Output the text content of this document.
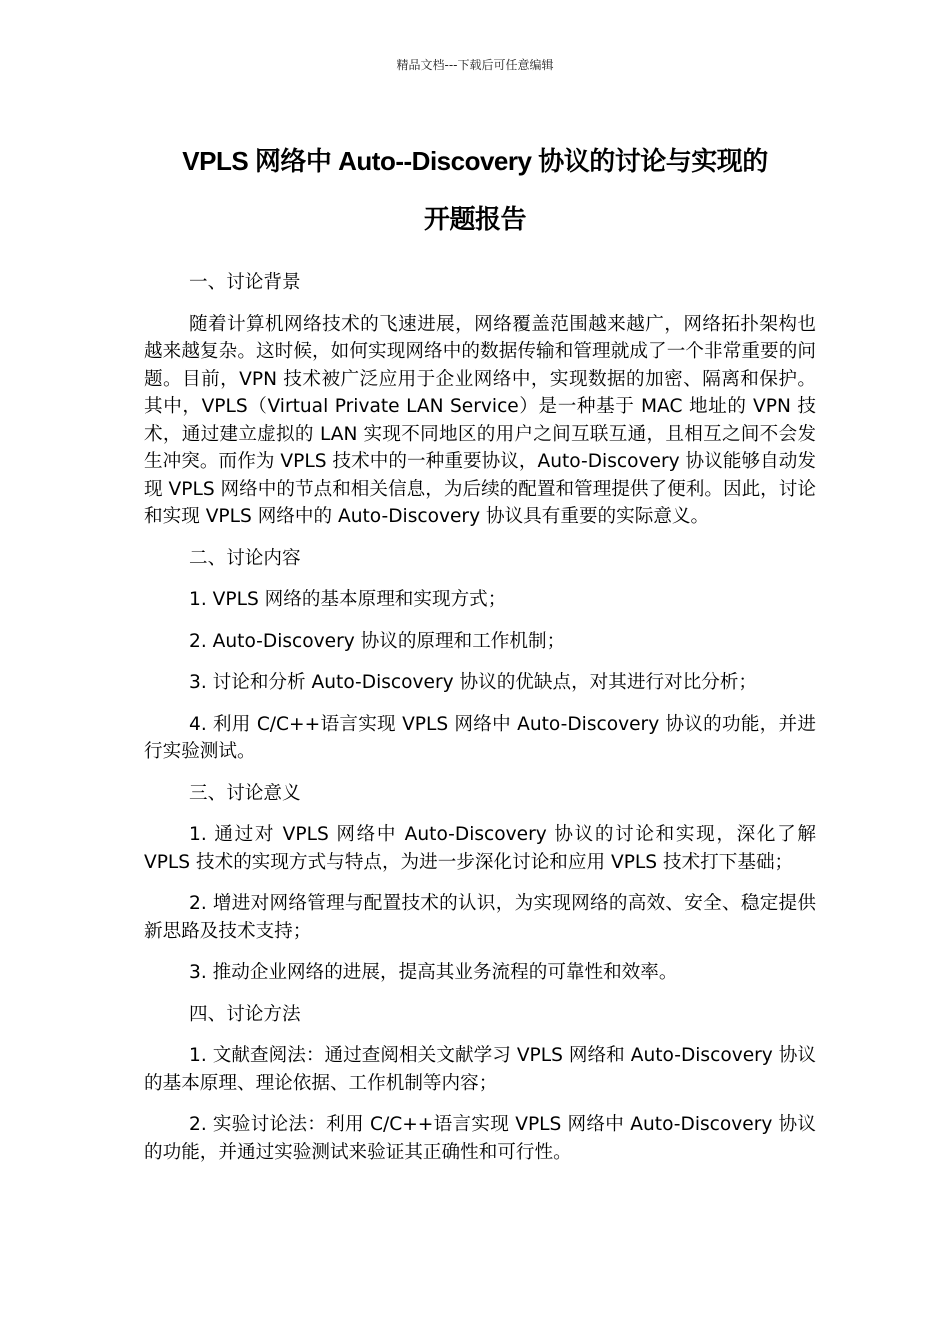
精品文档---下载后可任意编辑
VPLS 网络中 Auto--Discovery 协议的讨论与实现的
开题报告

一、讨论背景

随着计算机网络技术的飞速进展，网络覆盖范围越来越广，网络拓扑架构也越来越复杂。这时候，如何实现网络中的数据传输和管理就成了一个非常重要的问题。目前，VPN 技术被广泛应用于企业网络中，实现数据的加密、隔离和保护。其中，VPLS（Virtual Private LAN Service）是一种基于 MAC 地址的 VPN 技术，通过建立虚拟的 LAN 实现不同地区的用户之间互联互通，且相互之间不会发生冲突。而作为 VPLS 技术中的一种重要协议，Auto-Discovery 协议能够自动发现 VPLS 网络中的节点和相关信息，为后续的配置和管理提供了便利。因此，讨论和实现 VPLS 网络中的 Auto-Discovery 协议具有重要的实际意义。

二、讨论内容

1. VPLS 网络的基本原理和实现方式；

2. Auto-Discovery 协议的原理和工作机制；

3. 讨论和分析 Auto-Discovery 协议的优缺点，对其进行对比分析；

4. 利用 C/C++语言实现 VPLS 网络中 Auto-Discovery 协议的功能，并进行实验测试。

三、讨论意义

1. 通过对 VPLS 网络中 Auto-Discovery 协议的讨论和实现，深化了解 VPLS 技术的实现方式与特点，为进一步深化讨论和应用 VPLS 技术打下基础；

2. 增进对网络管理与配置技术的认识，为实现网络的高效、安全、稳定提供新思路及技术支持；

3. 推动企业网络的进展，提高其业务流程的可靠性和效率。

四、讨论方法

1. 文献查阅法：通过查阅相关文献学习 VPLS 网络和 Auto-Discovery 协议的基本原理、理论依据、工作机制等内容；

2. 实验讨论法：利用 C/C++语言实现 VPLS 网络中 Auto-Discovery 协议的功能，并通过实验测试来验证其正确性和可行性。
